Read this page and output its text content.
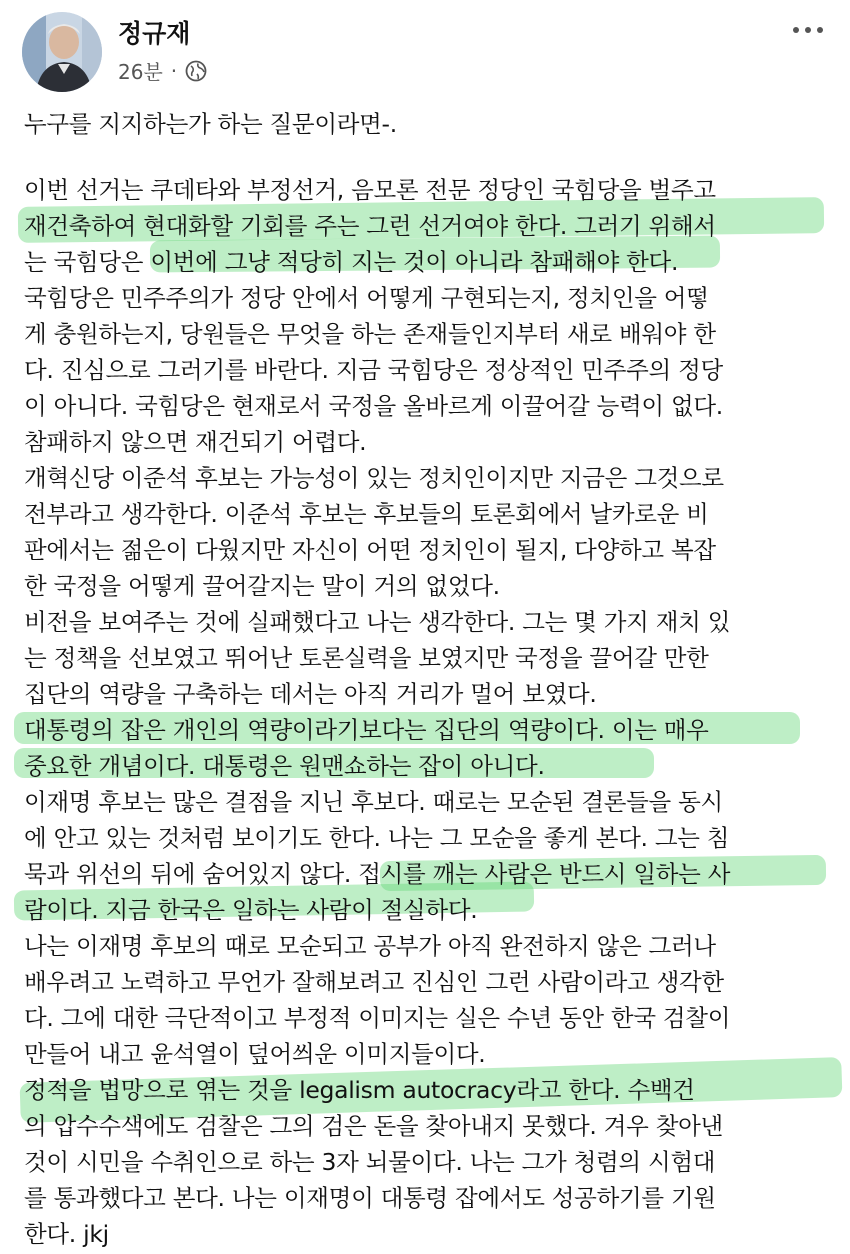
정규재
26분 ·
누구를 지지하는가 하는 질문이라면-.
이번 선거는 쿠데타와 부정선거, 음모론 전문 정당인 국힘당을 벌주고
재건축하여 현대화할 기회를 주는 그런 선거여야 한다. 그러기 위해서
는 국힘당은 이번에 그냥 적당히 지는 것이 아니라 참패해야 한다.
국힘당은 민주주의가 정당 안에서 어떻게 구현되는지, 정치인을 어떻
게 충원하는지, 당원들은 무엇을 하는 존재들인지부터 새로 배워야 한
다. 진심으로 그러기를 바란다. 지금 국힘당은 정상적인 민주주의 정당
이 아니다. 국힘당은 현재로서 국정을 올바르게 이끌어갈 능력이 없다.
참패하지 않으면 재건되기 어렵다.
개혁신당 이준석 후보는 가능성이 있는 정치인이지만 지금은 그것으로
전부라고 생각한다. 이준석 후보는 후보들의 토론회에서 날카로운 비
판에서는 젊은이 다웠지만 자신이 어떤 정치인이 될지, 다양하고 복잡
한 국정을 어떻게 끌어갈지는 말이 거의 없었다.
비전을 보여주는 것에 실패했다고 나는 생각한다. 그는 몇 가지 재치 있
는 정책을 선보였고 뛰어난 토론실력을 보였지만 국정을 끌어갈 만한
집단의 역량을 구축하는 데서는 아직 거리가 멀어 보였다.
대통령의 잡은 개인의 역량이라기보다는 집단의 역량이다. 이는 매우
중요한 개념이다. 대통령은 원맨쇼하는 잡이 아니다.
이재명 후보는 많은 결점을 지닌 후보다. 때로는 모순된 결론들을 동시
에 안고 있는 것처럼 보이기도 한다. 나는 그 모순을 좋게 본다. 그는 침
묵과 위선의 뒤에 숨어있지 않다. 접시를 깨는 사람은 반드시 일하는 사
람이다. 지금 한국은 일하는 사람이 절실하다.
나는 이재명 후보의 때로 모순되고 공부가 아직 완전하지 않은 그러나
배우려고 노력하고 무언가 잘해보려고 진심인 그런 사람이라고 생각한
다. 그에 대한 극단적이고 부정적 이미지는 실은 수년 동안 한국 검찰이
만들어 내고 윤석열이 덮어씌운 이미지들이다.
정적을 법망으로 엮는 것을 legalism autocracy라고 한다. 수백건
의 압수수색에도 검찰은 그의 검은 돈을 찾아내지 못했다. 겨우 찾아낸
것이 시민을 수취인으로 하는 3자 뇌물이다. 나는 그가 청렴의 시험대
를 통과했다고 본다. 나는 이재명이 대통령 잡에서도 성공하기를 기원
한다. jkj
